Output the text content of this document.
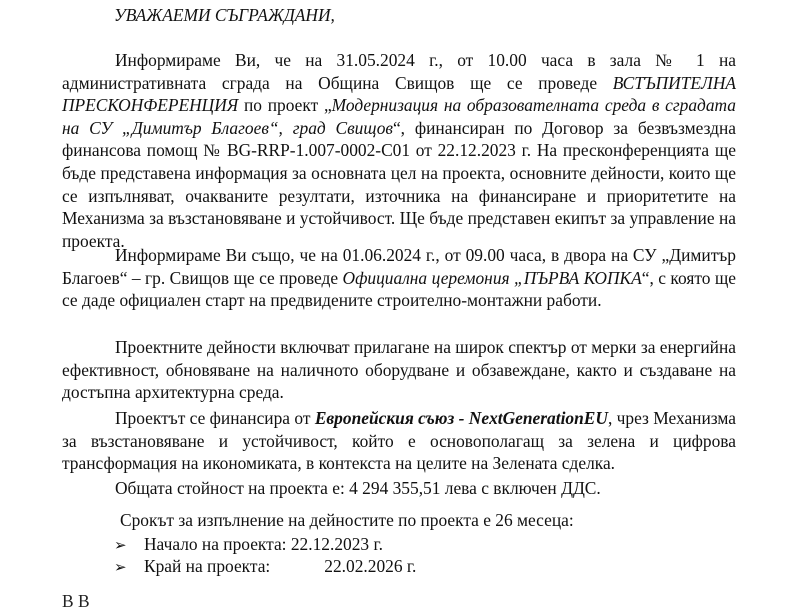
УВАЖАЕМИ СЪГРАЖДАНИ,

Информираме Ви, че на 31.05.2024 г., от 10.00 часа в зала № 1 на административната сграда на Община Свищов ще се проведе ВСТЪПИТЕЛНА ПРЕСКОНФЕРЕНЦИЯ по проект „Модернизация на образователната среда в сградата на СУ „Димитър Благоев“, град Свищов“, финансиран по Договор за безвъзмездна финансова помощ № BG-RRP-1.007-0002-С01 от 22.12.2023 г. На пресконференцията ще бъде представена информация за основната цел на проекта, основните дейности, които ще се изпълняват, очакваните резултати, източника на финансиране и приоритетите на Механизма за възстановяване и устойчивост. Ще бъде представен екипът за управление на проекта.

Информираме Ви също, че на 01.06.2024 г., от 09.00 часа, в двора на СУ „Димитър Благоев“ – гр. Свищов ще се проведе Официална церемония „ПЪРВА КОПКА“, с която ще се даде официален старт на предвидените строително-монтажни работи.

Проектните дейности включват прилагане на широк спектър от мерки за енергийна ефективност, обновяване на наличното оборудване и обзавеждане, както и създаване на достъпна архитектурна среда.

Проектът се финансира от Европейския съюз - NextGenerationEU, чрез Механизма за възстановяване и устойчивост, който е основополагащ за зелена и цифрова трансформация на икономиката, в контекста на целите на Зелената сделка.

Общата стойност на проекта е: 4 294 355,51 лева с включен ДДС.

Срокът за изпълнение на дейностите по проекта е 26 месеца:

➢ Начало на проекта: 22.12.2023 г.

➢ Край на проекта:	22.02.2026 г.

В В
